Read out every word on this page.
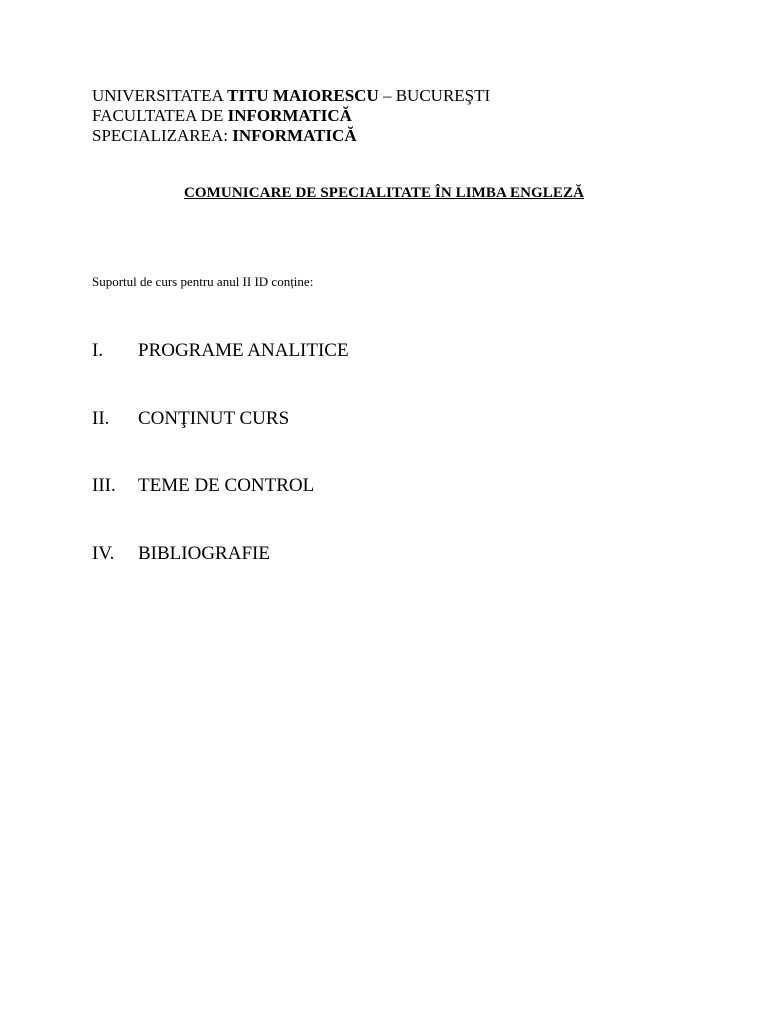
UNIVERSITATEA TITU MAIORESCU – BUCUREŞTI
FACULTATEA DE INFORMATICĂ
SPECIALIZAREA: INFORMATICĂ
COMUNICARE DE SPECIALITATE ÎN LIMBA ENGLEZĂ
Suportul de curs pentru anul II ID conține:
I. PROGRAME ANALITICE
II. CONŢINUT CURS
III. TEME DE CONTROL
IV. BIBLIOGRAFIE
